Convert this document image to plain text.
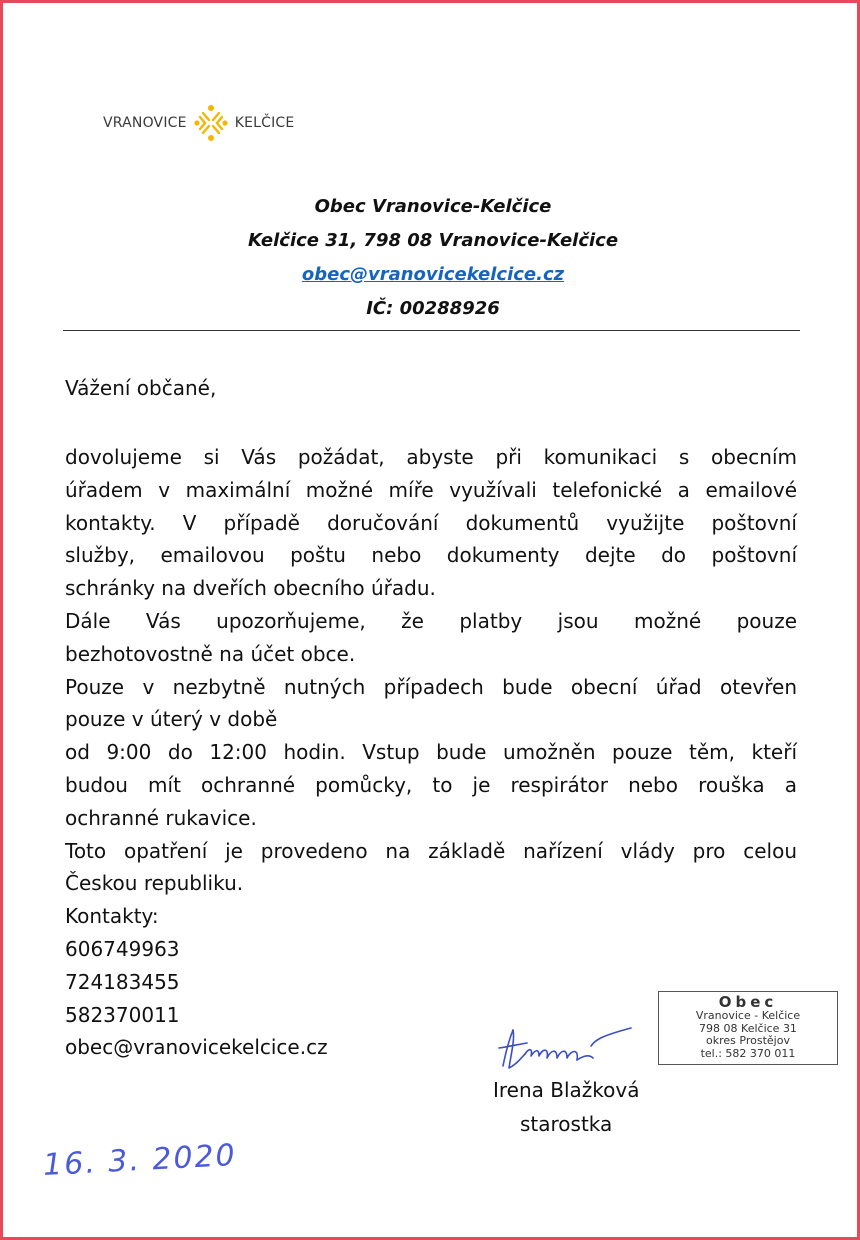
VRANOVICE	KELČICE
Obec Vranovice-Kelčice
Kelčice 31, 798 08 Vranovice-Kelčice
obec@vranovicekelcice.cz
IČ: 00288926
Vážení občané,
dovolujeme si Vás požádat, abyste při komunikaci s obecním
úřadem v maximální možné míře využívali telefonické a emailové
kontakty. V případě doručování dokumentů využijte poštovní
služby, emailovou poštu nebo dokumenty dejte do poštovní
schránky na dveřích obecního úřadu.
Dále Vás upozorňujeme, že platby jsou možné pouze
bezhotovostně na účet obce.
Pouze v nezbytně nutných případech bude obecní úřad otevřen
pouze v úterý v době
od 9:00 do 12:00 hodin. Vstup bude umožněn pouze těm, kteří
budou mít ochranné pomůcky, to je respirátor nebo rouška a
ochranné rukavice.
Toto opatření je provedeno na základě nařízení vlády pro celou
Českou republiku.
Kontakty:
606749963
724183455
582370011
obec@vranovicekelcice.cz
Irena Blažková
starostka
Obec
Vranovice - Kelčice
798 08 Kelčice 31
okres Prostějov
tel.: 582 370 011
16. 3. 2020
